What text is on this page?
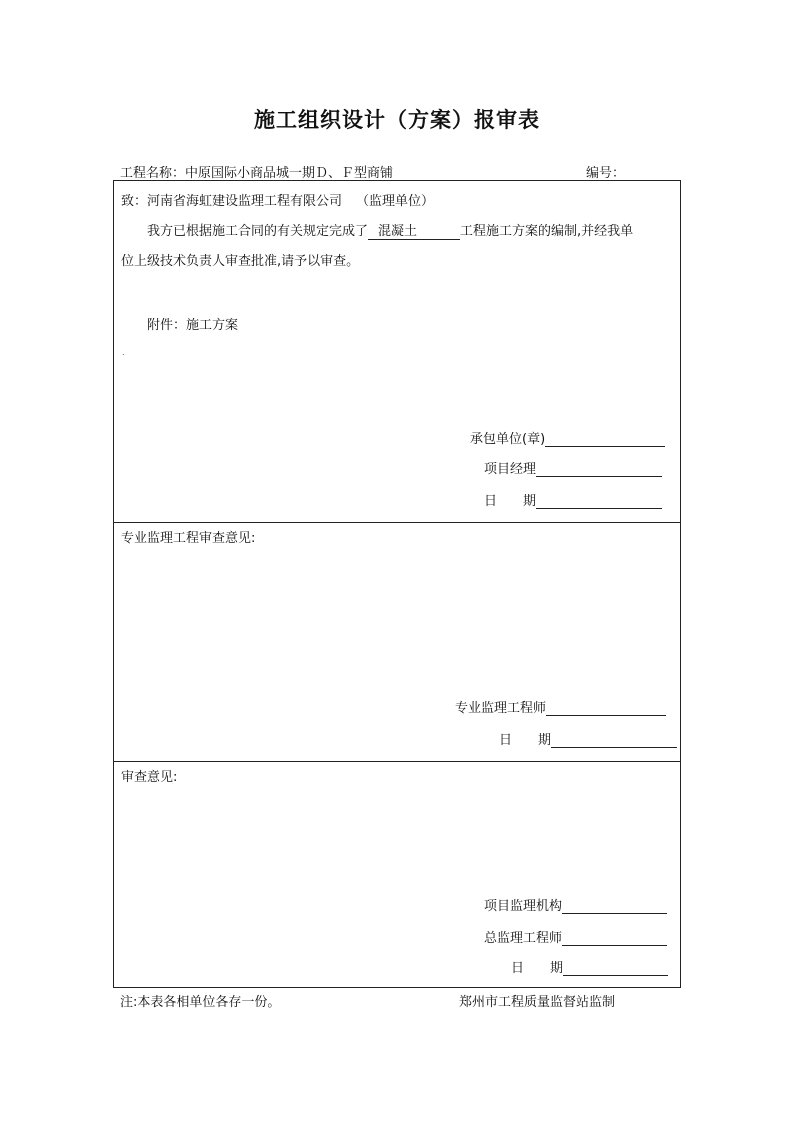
施工组织设计（方案）报审表
工程名称：中原国际小商品城一期Ｄ、Ｆ型商铺	编号：
致：河南省海虹建设监理工程有限公司 （监理单位）
我方已根据施工合同的有关规定完成了 混凝土	工程施工方案的编制,并经我单
位上级技术负责人审查批准,请予以审查。
附件：施工方案
.
承包单位(章)
项目经理
日　　期
专业监理工程审查意见:
专业监理工程师
日　　期
审查意见:
项目监理机构
总监理工程师
日　　期
注:本表各相单位各存一份。	郑州市工程质量监督站监制
